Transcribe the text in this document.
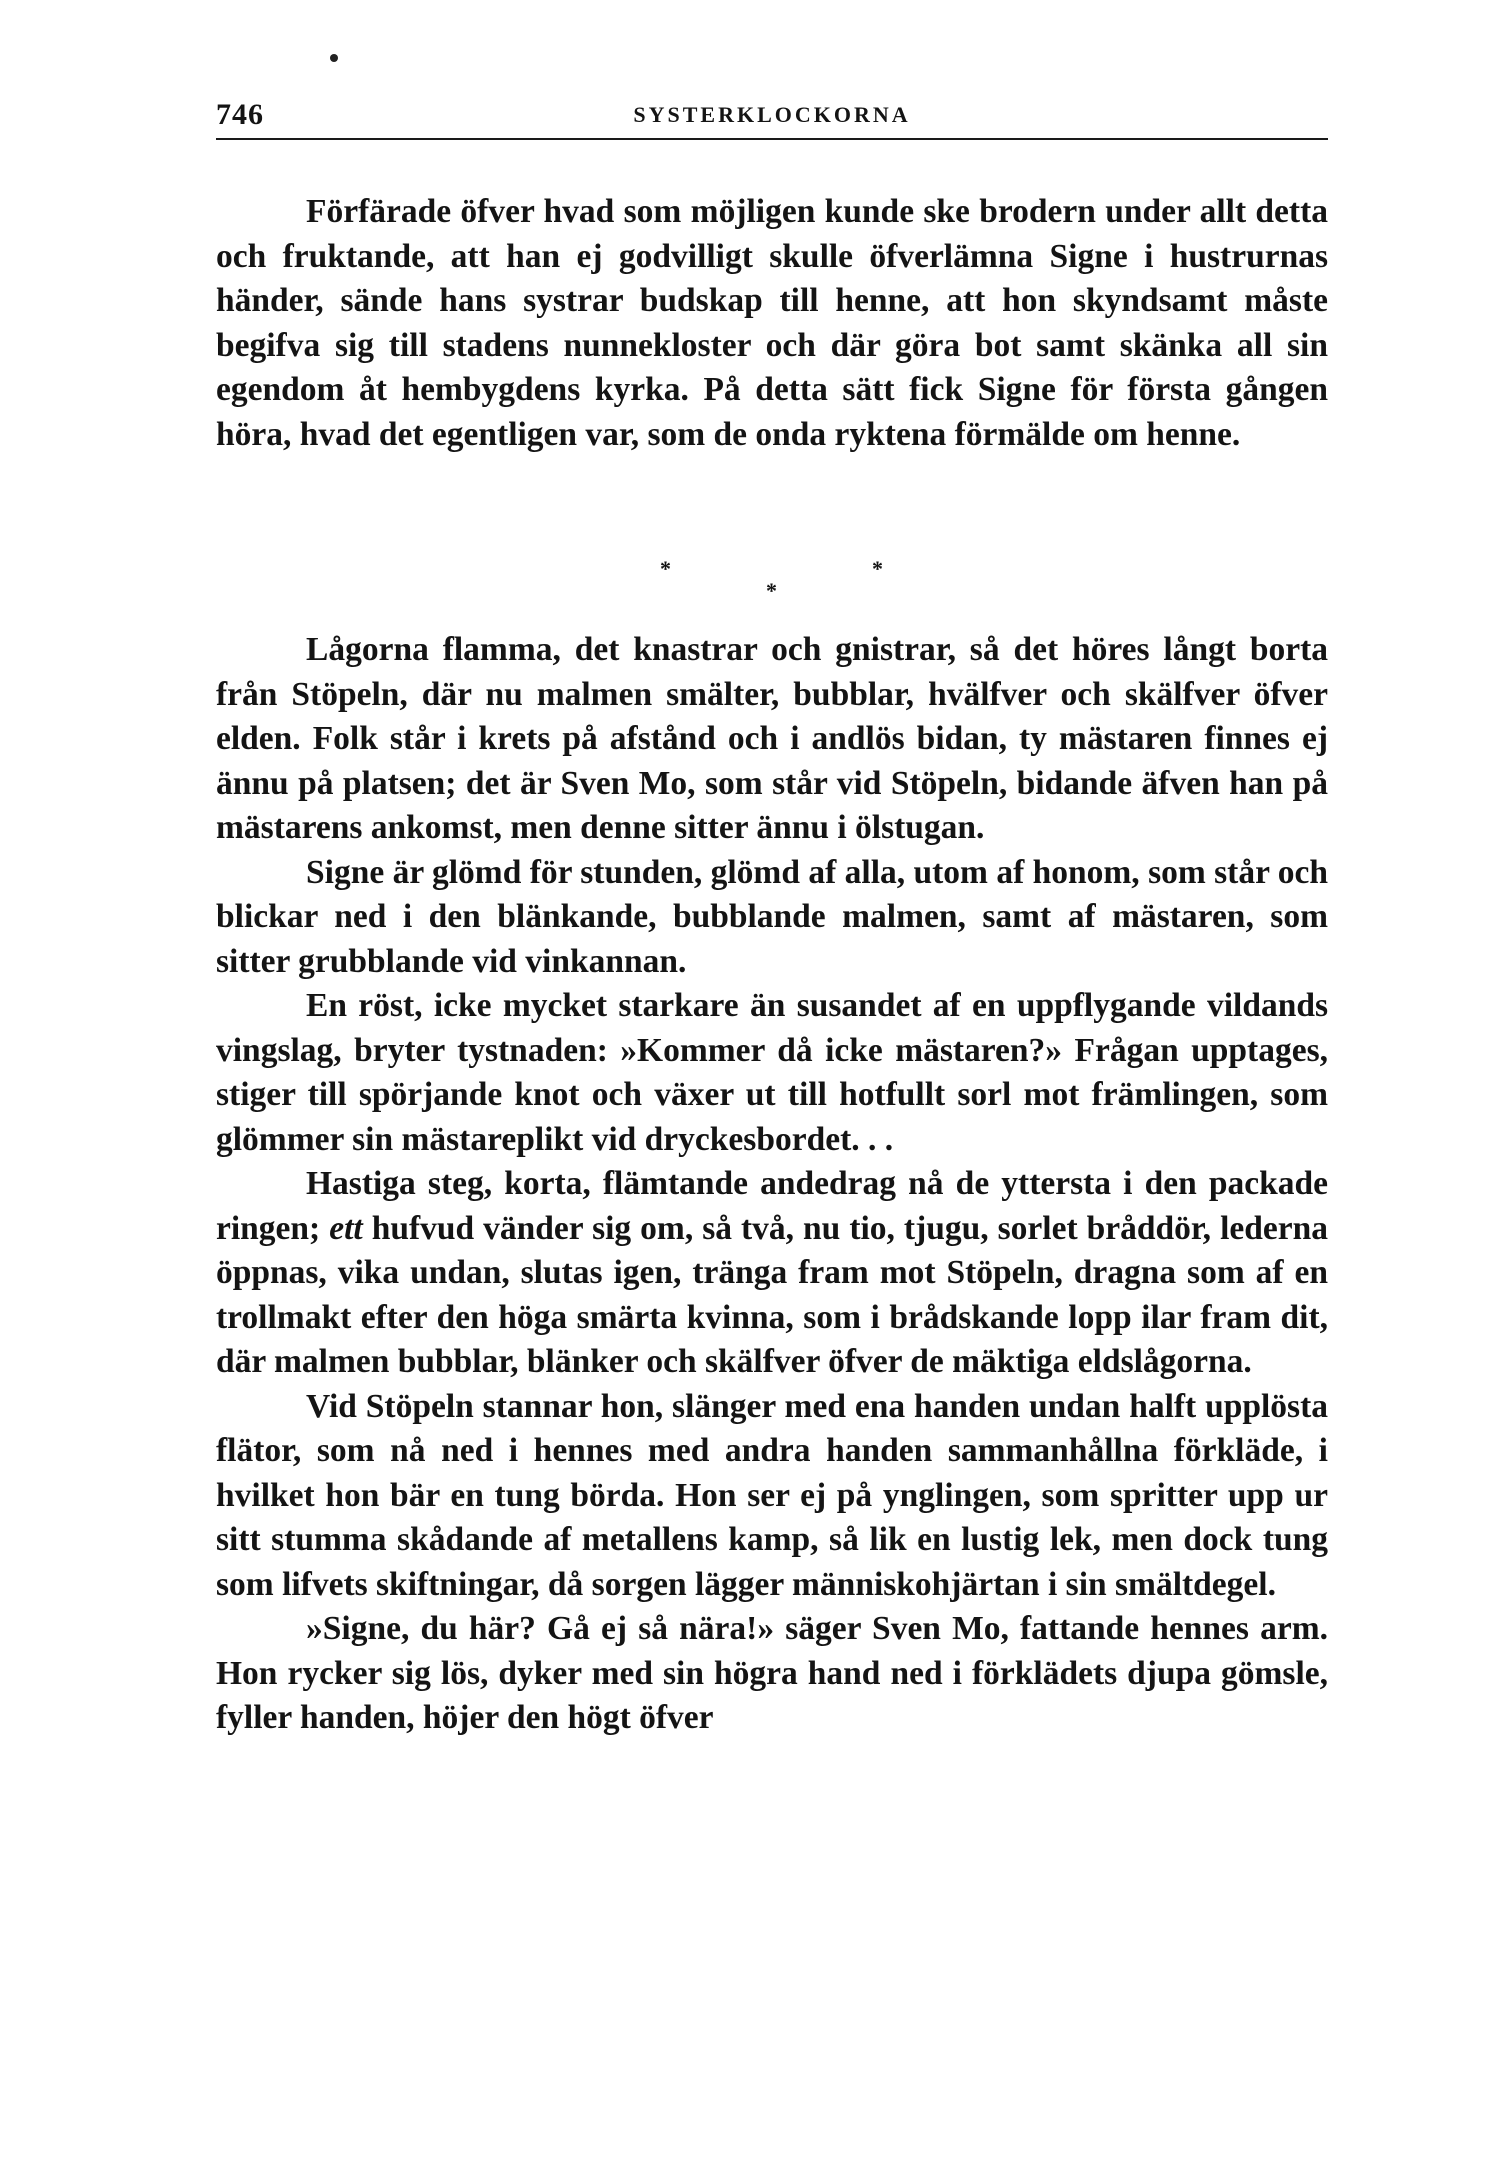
746	SYSTERKLOCKORNA

Förfärade öfver hvad som möjligen kunde ske brodern under allt detta och fruktande, att han ej godvilligt skulle öfverlämna Signe i hustrurnas händer, sände hans systrar budskap till henne, att hon skyndsamt måste begifva sig till stadens nunnekloster och där göra bot samt skänka all sin egendom åt hembygdens kyrka. På detta sätt fick Signe för första gången höra, hvad det egentligen var, som de onda ryktena förmälde om henne.

*	*
*

Lågorna flamma, det knastrar och gnistrar, så det höres långt borta från Stöpeln, där nu malmen smälter, bubblar, hvälfver och skälfver öfver elden. Folk står i krets på afstånd och i andlös bidan, ty mästaren finnes ej ännu på platsen; det är Sven Mo, som står vid Stöpeln, bidande äfven han på mästarens ankomst, men denne sitter ännu i ölstugan.

Signe är glömd för stunden, glömd af alla, utom af honom, som står och blickar ned i den blänkande, bubblande malmen, samt af mästaren, som sitter grubblande vid vinkannan.

En röst, icke mycket starkare än susandet af en uppflygande vildands vingslag, bryter tystnaden: »Kommer då icke mästaren?» Frågan upptages, stiger till spörjande knot och växer ut till hotfullt sorl mot främlingen, som glömmer sin mästareplikt vid dryckesbordet. . .

Hastiga steg, korta, flämtande andedrag nå de yttersta i den packade ringen; ett hufvud vänder sig om, så två, nu tio, tjugu, sorlet bråddör, lederna öppnas, vika undan, slutas igen, tränga fram mot Stöpeln, dragna som af en trollmakt efter den höga smärta kvinna, som i brådskande lopp ilar fram dit, där malmen bubblar, blänker och skälfver öfver de mäktiga eldslågorna.

Vid Stöpeln stannar hon, slänger med ena handen undan halft upplösta flätor, som nå ned i hennes med andra handen sammanhållna förkläde, i hvilket hon bär en tung börda. Hon ser ej på ynglingen, som spritter upp ur sitt stumma skådande af metallens kamp, så lik en lustig lek, men dock tung som lifvets skiftningar, då sorgen lägger människohjärtan i sin smältdegel.

»Signe, du här? Gå ej så nära!» säger Sven Mo, fattande hennes arm. Hon rycker sig lös, dyker med sin högra hand ned i förklädets djupa gömsle, fyller handen, höjer den högt öfver
